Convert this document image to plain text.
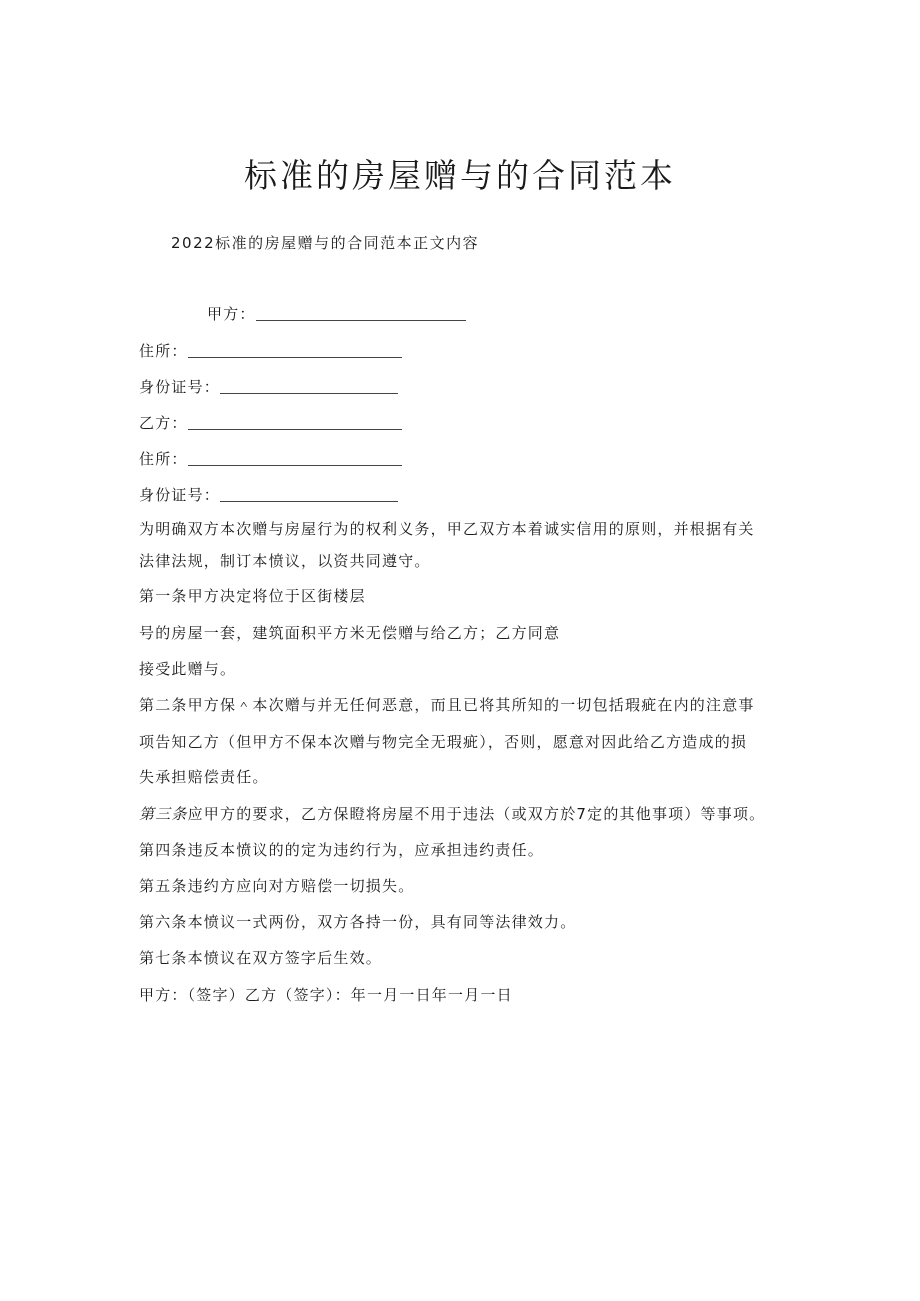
标准的房屋赠与的合同范本
2022标准的房屋赠与的合同范本正文内容
甲方：
住所：
身份证号：
乙方：
住所：
身份证号：
为明确双方本次赠与房屋行为的权利义务，甲乙双方本着诚实信用的原则，并根据有关
法律法规，制订本愤议，以资共同遵守。
第一条甲方决定将位于区街楼层
号的房屋一套，建筑面积平方米无偿赠与给乙方；乙方同意
接受此赠与。
第二条甲方保＾本次赠与并无任何恶意，而且已将其所知的一切包括瑕疵在内的注意事
项告知乙方（但甲方不保本次赠与物完全无瑕疵），否则，愿意对因此给乙方造成的损
失承担赔偿责任。
第三条应甲方的要求，乙方保瞪将房屋不用于违法（或双方於7定的其他事项）等事项。
第四条违反本愤议的的定为违约行为，应承担违约责任。
第五条违约方应向对方赔偿一切损失。
第六条本愤议一式两份，双方各持一份，具有同等法律效力。
第七条本愤议在双方签字后生效。
甲方：（签字）乙方（签字）：年一月一日年一月一日
